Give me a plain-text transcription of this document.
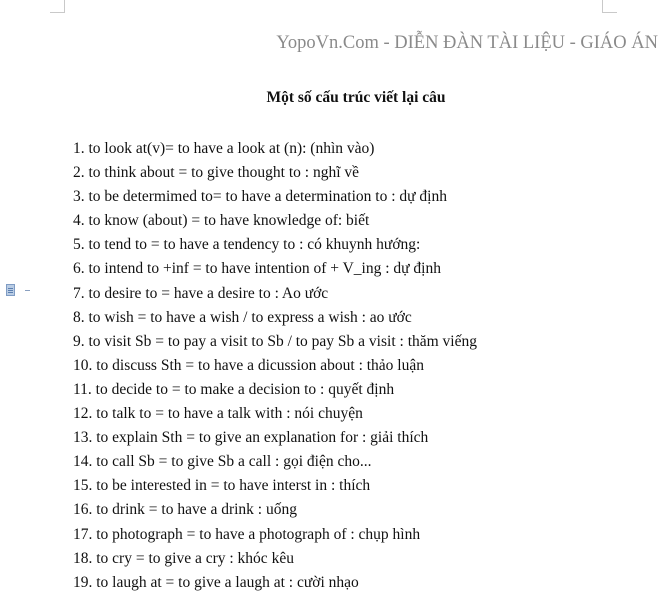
YopoVn.Com - DIỄN ĐÀN TÀI LIỆU - GIÁO ÁN
Một số cấu trúc viết lại câu
1. to look at(v)= to have a look at (n): (nhìn vào)
2. to think about = to give thought to : nghĩ về
3. to be determimed to= to have a determination to : dự định
4. to know (about) = to have knowledge of: biết
5. to tend to = to have a tendency to : có khuynh hướng:
6. to intend to +inf = to have intention of + V_ing : dự định
7. to desire to = have a desire to : Ao ước
8. to wish = to have a wish / to express a wish : ao ước
9. to visit Sb = to pay a visit to Sb / to pay Sb a visit : thăm viếng
10. to discuss Sth = to have a dicussion about : thảo luận
11. to decide to = to make a decision to : quyết định
12. to talk to = to have a talk with : nói chuyện
13. to explain Sth = to give an explanation for : giải thích
14. to call Sb = to give Sb a call : gọi điện cho...
15. to be interested in = to have interst in : thích
16. to drink = to have a drink : uống
17. to photograph = to have a photograph of : chụp hình
18. to cry = to give a cry : khóc kêu
19. to laugh at = to give a laugh at : cười nhạo
